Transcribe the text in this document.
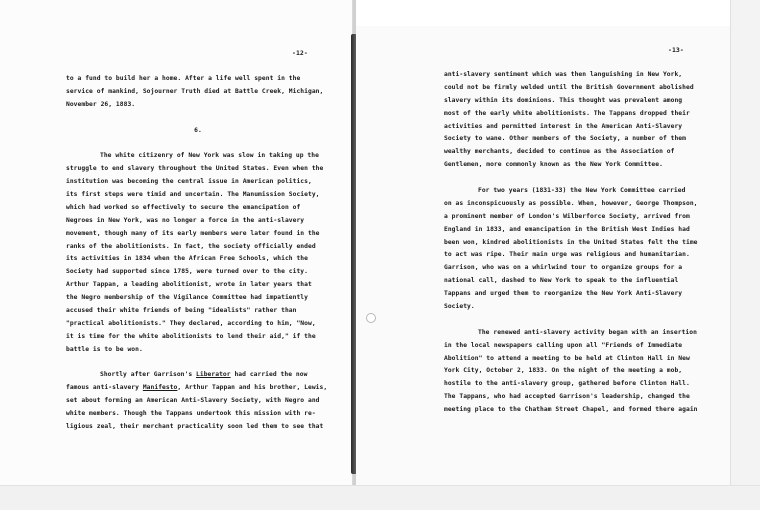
-12-
to a fund to build her a home. After a life well spent in the
service of mankind, Sojourner Truth died at Battle Creek, Michigan,
November 26, 1883.
6.
The white citizenry of New York was slow in taking up the
struggle to end slavery throughout the United States. Even when the
institution was becoming the central issue in American politics,
its first steps were timid and uncertain. The Manumission Society,
which had worked so effectively to secure the emancipation of
Negroes in New York, was no longer a force in the anti-slavery
movement, though many of its early members were later found in the
ranks of the abolitionists. In fact, the society officially ended
its activities in 1834 when the African Free Schools, which the
Society had supported since 1785, were turned over to the city.
Arthur Tappan, a leading abolitionist, wrote in later years that
the Negro membership of the Vigilance Committee had impatiently
accused their white friends of being "idealists" rather than
"practical abolitionists." They declared, according to him, "Now,
it is time for the white abolitionists to lend their aid," if the
battle is to be won.
Shortly after Garrison's Liberator had carried the now
famous anti-slavery Manifesto, Arthur Tappan and his brother, Lewis,
set about forming an American Anti-Slavery Society, with Negro and
white members. Though the Tappans undertook this mission with re-
ligious zeal, their merchant practicality soon led them to see that
-13-
anti-slavery sentiment which was then languishing in New York,
could not be firmly welded until the British Government abolished
slavery within its dominions. This thought was prevalent among
most of the early white abolitionists. The Tappans dropped their
activities and permitted interest in the American Anti-Slavery
Society to wane. Other members of the Society, a number of them
wealthy merchants, decided to continue as the Association of
Gentlemen, more commonly known as the New York Committee.
For two years (1831-33) the New York Committee carried
on as inconspicuously as possible. When, however, George Thompson,
a prominent member of London's Wilberforce Society, arrived from
England in 1833, and emancipation in the British West Indies had
been won, kindred abolitionists in the United States felt the time
to act was ripe. Their main urge was religious and humanitarian.
Garrison, who was on a whirlwind tour to organize groups for a
national call, dashed to New York to speak to the influential
Tappans and urged them to reorganize the New York Anti-Slavery
Society.
The renewed anti-slavery activity began with an insertion
in the local newspapers calling upon all "Friends of Immediate
Abolition" to attend a meeting to be held at Clinton Hall in New
York City, October 2, 1833. On the night of the meeting a mob,
hostile to the anti-slavery group, gathered before Clinton Hall.
The Tappans, who had accepted Garrison's leadership, changed the
meeting place to the Chatham Street Chapel, and formed there again
